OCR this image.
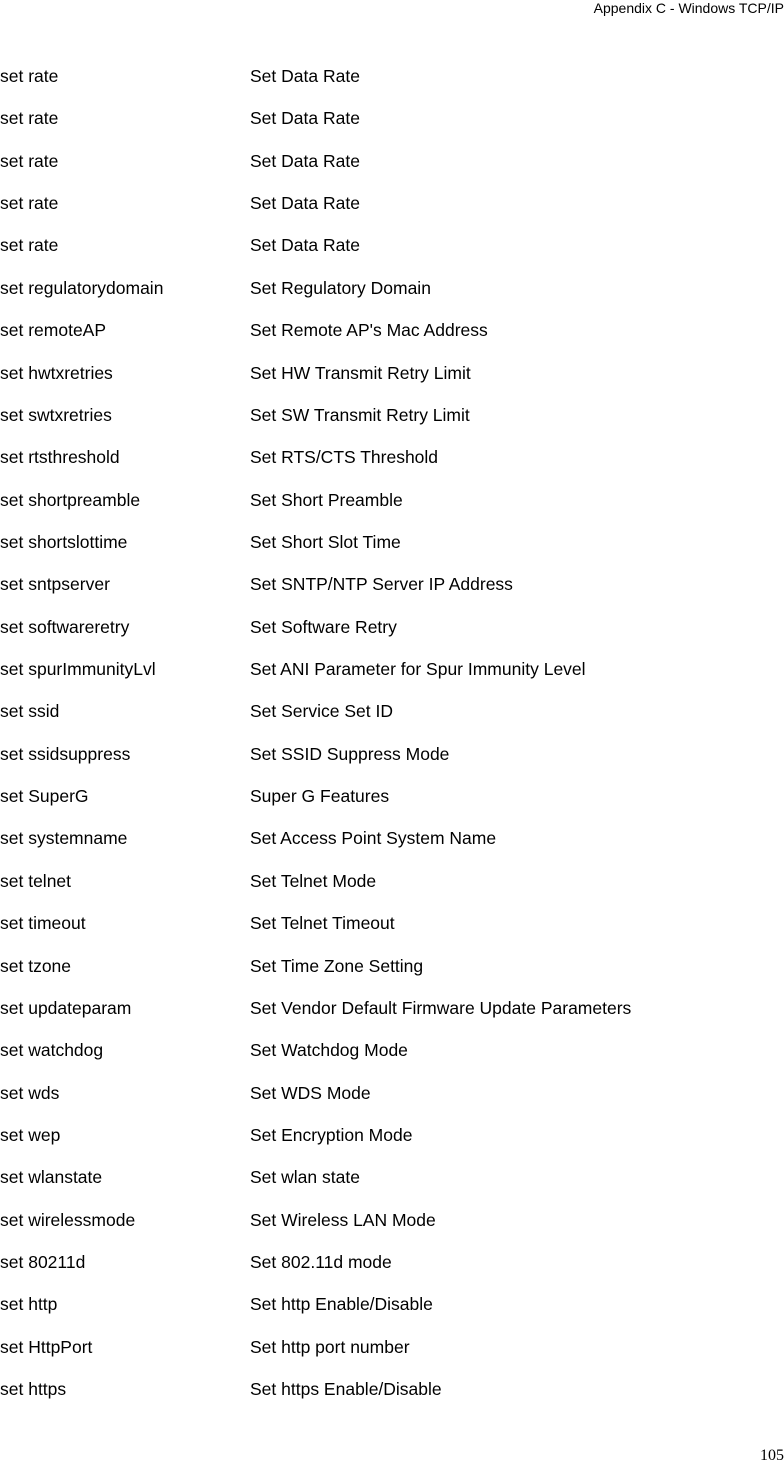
Appendix C - Windows TCP/IP
set rate	Set Data Rate
set rate	Set Data Rate
set rate	Set Data Rate
set rate	Set Data Rate
set rate	Set Data Rate
set regulatorydomain	Set Regulatory Domain
set remoteAP	Set Remote AP's Mac Address
set hwtxretries	Set HW Transmit Retry Limit
set swtxretries	Set SW Transmit Retry Limit
set rtsthreshold	Set RTS/CTS Threshold
set shortpreamble	Set Short Preamble
set shortslottime	Set Short Slot Time
set sntpserver	Set SNTP/NTP Server IP Address
set softwareretry	Set Software Retry
set spurImmunityLvl	Set ANI Parameter for Spur Immunity Level
set ssid	Set Service Set ID
set ssidsuppress	Set SSID Suppress Mode
set SuperG	Super G Features
set systemname	Set Access Point System Name
set telnet	Set Telnet Mode
set timeout	Set Telnet Timeout
set tzone	Set Time Zone Setting
set updateparam	Set Vendor Default Firmware Update Parameters
set watchdog	Set Watchdog Mode
set wds	Set WDS Mode
set wep	Set Encryption Mode
set wlanstate	Set wlan state
set wirelessmode	Set Wireless LAN Mode
set 80211d	Set 802.11d mode
set http	Set http Enable/Disable
set HttpPort	Set http port number
set https	Set https Enable/Disable
105
